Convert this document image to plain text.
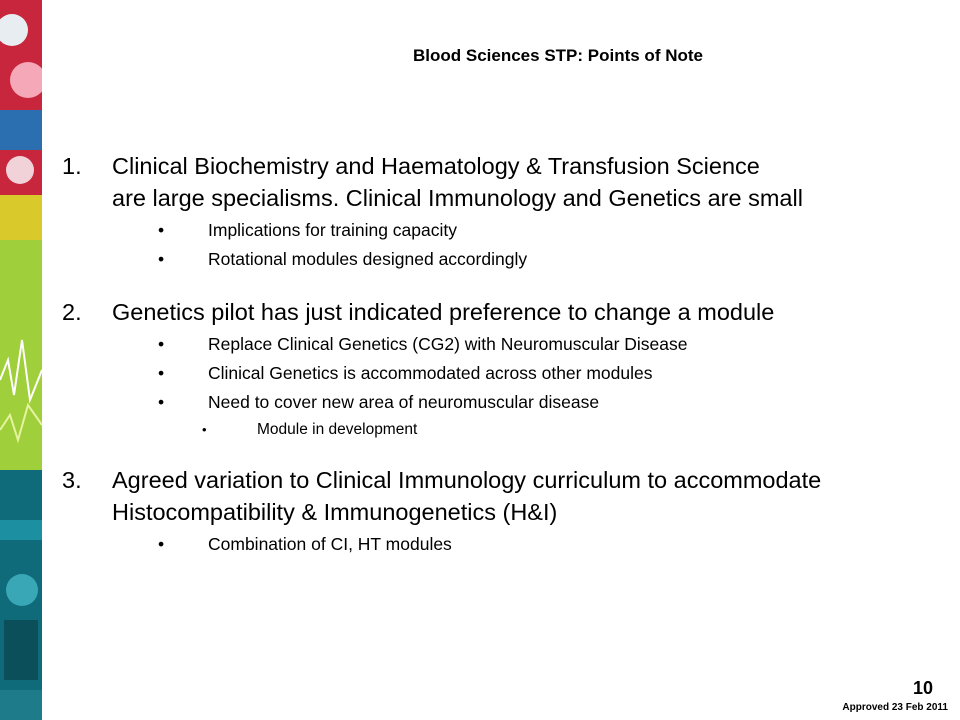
Blood Sciences STP: Points of Note
1. Clinical Biochemistry and Haematology & Transfusion Science
are large specialisms. Clinical Immunology and Genetics are small
• Implications for training capacity
• Rotational modules designed accordingly
2. Genetics pilot has just indicated preference to change a module
• Replace Clinical Genetics (CG2) with Neuromuscular Disease
• Clinical Genetics is accommodated across other modules
• Need to cover new area of neuromuscular disease
• Module in development
3. Agreed variation to Clinical Immunology curriculum to accommodate
Histocompatibility & Immunogenetics (H&I)
• Combination of CI, HT modules
10
Approved 23 Feb 2011
